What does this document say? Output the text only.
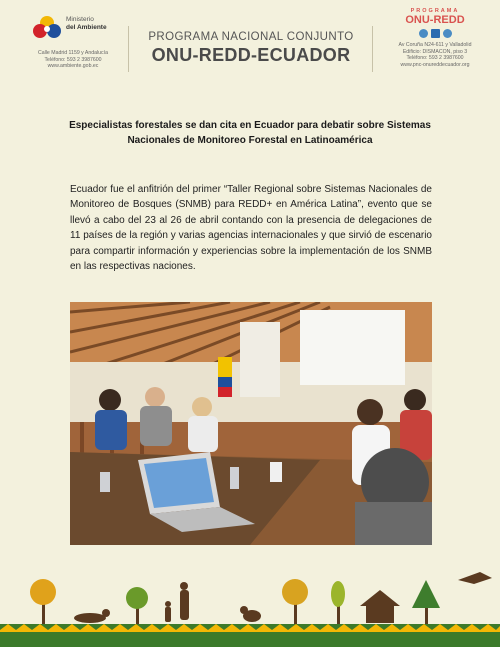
Ministerio
del Ambiente
Calle Madrid 1159 y Andalucía
Teléfono: 593 2 3987600
www.ambiente.gob.ec
PROGRAMA NACIONAL CONJUNTO
ONU-REDD-ECUADOR
PROGRAMA
ONU-REDD
Av Coruña N24-611 y Valladolid
Edificio: DISMACON, piso 3
Teléfono: 593 2 3987600
www.pnc-onureddecuador.org
Especialistas forestales se dan cita en Ecuador para debatir sobre Sistemas
Nacionales de Monitoreo Forestal en Latinoamérica
Ecuador fue el anfitrión del primer “Taller Regional sobre Sistemas Nacionales de Monitoreo de Bosques (SNMB) para REDD+ en América Latina”, evento que se llevó a cabo del 23 al 26 de abril contando con la presencia de delegaciones de 11 países de la región y varias agencias internacionales y que sirvió de escenario para compartir información y experiencias sobre la implementación de los SNMB en las respectivas naciones.
